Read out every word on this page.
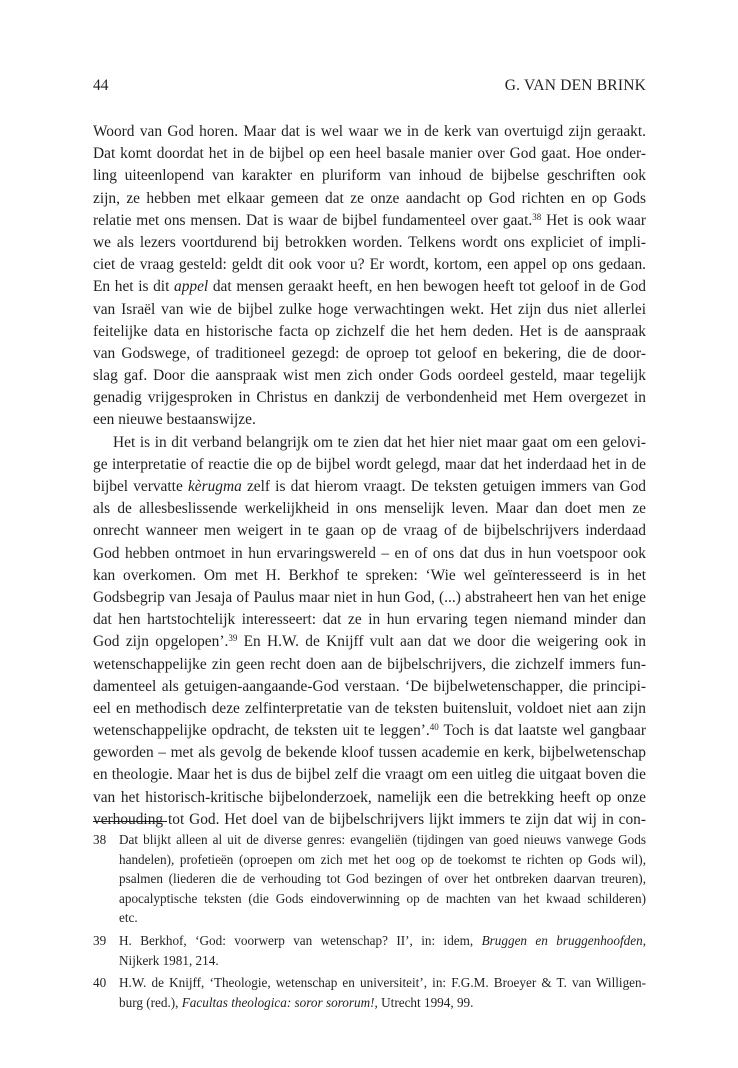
44	G. VAN DEN BRINK
Woord van God horen. Maar dat is wel waar we in de kerk van overtuigd zijn geraakt.
Dat komt doordat het in de bijbel op een heel basale manier over God gaat. Hoe onder-
ling uiteenlopend van karakter en pluriform van inhoud de bijbelse geschriften ook
zijn, ze hebben met elkaar gemeen dat ze onze aandacht op God richten en op Gods
relatie met ons mensen. Dat is waar de bijbel fundamenteel over gaat.$^{38}$ Het is ook waar
we als lezers voortdurend bij betrokken worden. Telkens wordt ons expliciet of impli-
ciet de vraag gesteld: geldt dit ook voor u? Er wordt, kortom, een appel op ons gedaan.
En het is dit appel dat mensen geraakt heeft, en hen bewogen heeft tot geloof in de God
van Israël van wie de bijbel zulke hoge verwachtingen wekt. Het zijn dus niet allerlei
feitelijke data en historische facta op zichzelf die het hem deden. Het is de aanspraak
van Godswege, of traditioneel gezegd: de oproep tot geloof en bekering, die de door-
slag gaf. Door die aanspraak wist men zich onder Gods oordeel gesteld, maar tegelijk
genadig vrijgesproken in Christus en dankzij de verbondenheid met Hem overgezet in
een nieuwe bestaanswijze.
Het is in dit verband belangrijk om te zien dat het hier niet maar gaat om een gelovi-
ge interpretatie of reactie die op de bijbel wordt gelegd, maar dat het inderdaad het in de
bijbel vervatte kèrugma zelf is dat hierom vraagt. De teksten getuigen immers van God
als de allesbeslissende werkelijkheid in ons menselijk leven. Maar dan doet men ze
onrecht wanneer men weigert in te gaan op de vraag of de bijbelschrijvers inderdaad
God hebben ontmoet in hun ervaringswereld – en of ons dat dus in hun voetspoor ook
kan overkomen. Om met H. Berkhof te spreken: ‘Wie wel geïnteresseerd is in het
Godsbegrip van Jesaja of Paulus maar niet in hun God, (...) abstraheert hen van het enige
dat hen hartstochtelijk interesseert: dat ze in hun ervaring tegen niemand minder dan
God zijn opgelopen’.$^{39}$ En H.W. de Knijff vult aan dat we door die weigering ook in
wetenschappelijke zin geen recht doen aan de bijbelschrijvers, die zichzelf immers fun-
damenteel als getuigen-aangaande-God verstaan. ‘De bijbelwetenschapper, die principi-
eel en methodisch deze zelfinterpretatie van de teksten buitensluit, voldoet niet aan zijn
wetenschappelijke opdracht, de teksten uit te leggen’.$^{40}$ Toch is dat laatste wel gangbaar
geworden – met als gevolg de bekende kloof tussen academie en kerk, bijbelwetenschap
en theologie. Maar het is dus de bijbel zelf die vraagt om een uitleg die uitgaat boven die
van het historisch-kritische bijbelonderzoek, namelijk een die betrekking heeft op onze
verhouding tot God. Het doel van de bijbelschrijvers lijkt immers te zijn dat wij in con-
38 Dat blijkt alleen al uit de diverse genres: evangeliën (tijdingen van goed nieuws vanwege Gods
handelen), profetieën (oproepen om zich met het oog op de toekomst te richten op Gods wil),
psalmen (liederen die de verhouding tot God bezingen of over het ontbreken daarvan treuren),
apocalyptische teksten (die Gods eindoverwinning op de machten van het kwaad schilderen)
etc.
39 H. Berkhof, ‘God: voorwerp van wetenschap? II’, in: idem, Bruggen en bruggenhoofden,
Nijkerk 1981, 214.
40 H.W. de Knijff, ‘Theologie, wetenschap en universiteit’, in: F.G.M. Broeyer & T. van Willigen-
burg (red.), Facultas theologica: soror sororum!, Utrecht 1994, 99.
